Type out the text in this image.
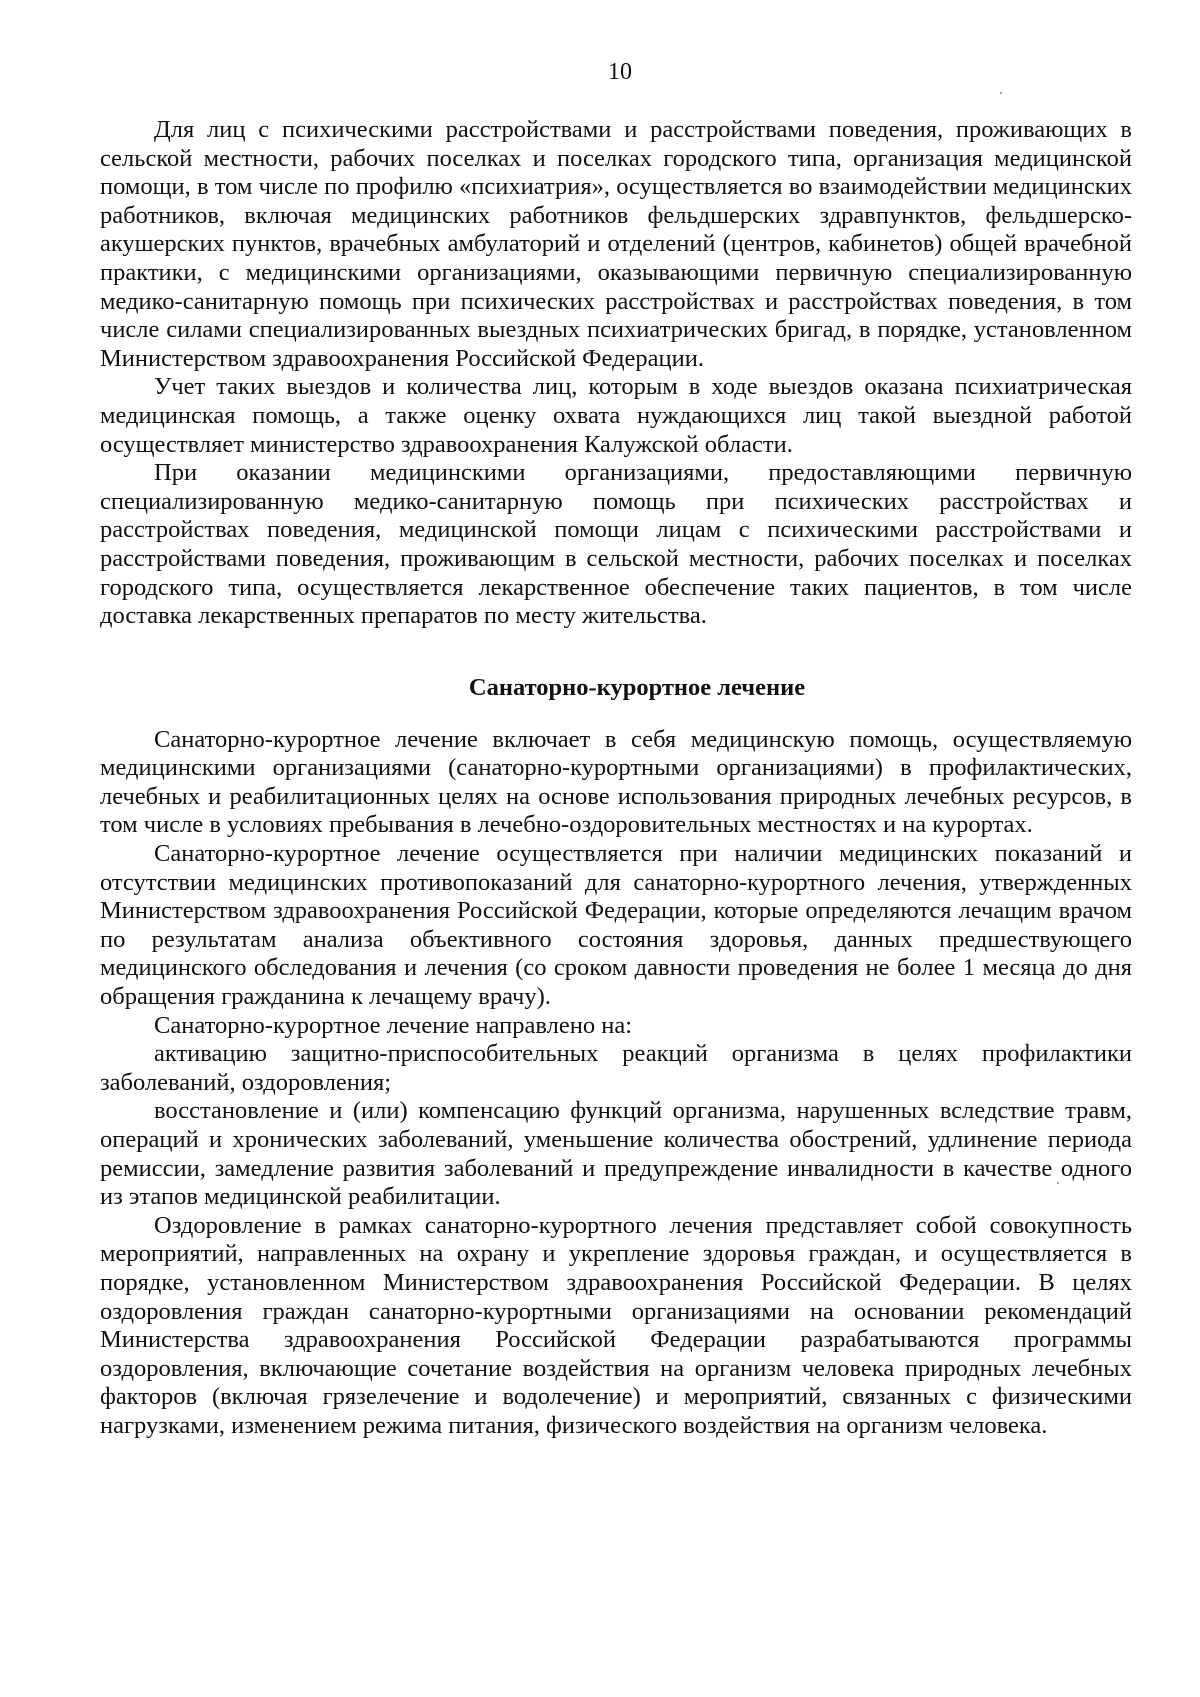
10

Для лиц с психическими расстройствами и расстройствами поведения, проживающих в сельской местности, рабочих поселках и поселках городского типа, организация медицинской помощи, в том числе по профилю «психиатрия», осуществляется во взаимодействии медицинских работников, включая медицинских работников фельдшерских здравпунктов, фельдшерско-акушерских пунктов, врачебных амбулаторий и отделений (центров, кабинетов) общей врачебной практики, с медицинскими организациями, оказывающими первичную специализированную медико-санитарную помощь при психических расстройствах и расстройствах поведения, в том числе силами специализированных выездных психиатрических бригад, в порядке, установленном Министерством здравоохранения Российской Федерации.

Учет таких выездов и количества лиц, которым в ходе выездов оказана психиатрическая медицинская помощь, а также оценку охвата нуждающихся лиц такой выездной работой осуществляет министерство здравоохранения Калужской области.

При оказании медицинскими организациями, предоставляющими первичную специализированную медико-санитарную помощь при психических расстройствах и расстройствах поведения, медицинской помощи лицам с психическими расстройствами и расстройствами поведения, проживающим в сельской местности, рабочих поселках и поселках городского типа, осуществляется лекарственное обеспечение таких пациентов, в том числе доставка лекарственных препаратов по месту жительства.

Санаторно-курортное лечение

Санаторно-курортное лечение включает в себя медицинскую помощь, осуществляемую медицинскими организациями (санаторно-курортными организациями) в профилактических, лечебных и реабилитационных целях на основе использования природных лечебных ресурсов, в том числе в условиях пребывания в лечебно-оздоровительных местностях и на курортах.

Санаторно-курортное лечение осуществляется при наличии медицинских показаний и отсутствии медицинских противопоказаний для санаторно-курортного лечения, утвержденных Министерством здравоохранения Российской Федерации, которые определяются лечащим врачом по результатам анализа объективного состояния здоровья, данных предшествующего медицинского обследования и лечения (со сроком давности проведения не более 1 месяца до дня обращения гражданина к лечащему врачу).

Санаторно-курортное лечение направлено на:

активацию защитно-приспособительных реакций организма в целях профилактики заболеваний, оздоровления;

восстановление и (или) компенсацию функций организма, нарушенных вследствие травм, операций и хронических заболеваний, уменьшение количества обострений, удлинение периода ремиссии, замедление развития заболеваний и предупреждение инвалидности в качестве одного из этапов медицинской реабилитации.

Оздоровление в рамках санаторно-курортного лечения представляет собой совокупность мероприятий, направленных на охрану и укрепление здоровья граждан, и осуществляется в порядке, установленном Министерством здравоохранения Российской Федерации. В целях оздоровления граждан санаторно-курортными организациями на основании рекомендаций Министерства здравоохранения Российской Федерации разрабатываются программы оздоровления, включающие сочетание воздействия на организм человека природных лечебных факторов (включая грязелечение и водолечение) и мероприятий, связанных с физическими нагрузками, изменением режима питания, физического воздействия на организм человека.
